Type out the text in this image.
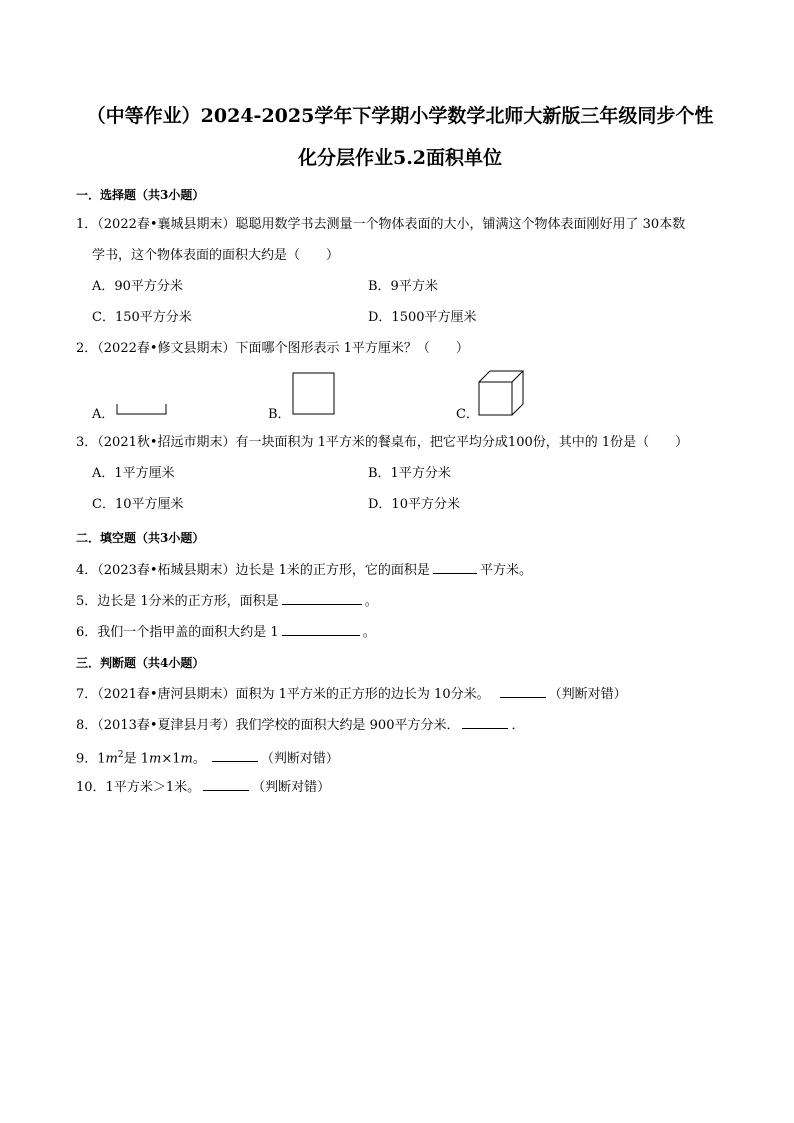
（中等作业）2024-2025学年下学期小学数学北师大新版三年级同步个性
化分层作业5.2面积单位
一．选择题（共3小题）
1．（2022春•襄城县期末）聪聪用数学书去测量一个物体表面的大小，铺满这个物体表面刚好用了 30本数
学书，这个物体表面的面积大约是（　　）
A．90平方分米	B．9平方米
C．150平方分米	D．1500平方厘米
2．（2022春•修文县期末）下面哪个图形表示 1平方厘米？（　　）
A．	B．	C．
3．（2021秋•招远市期末）有一块面积为 1平方米的餐桌布，把它平均分成100份，其中的 1份是（　　）
A．1平方厘米	B．1平方分米
C．10平方厘米	D．10平方分米
二．填空题（共3小题）
4．（2023春•柘城县期末）边长是 1米的正方形，它的面积是	平方米。
5．边长是 1分米的正方形，面积是	。
6．我们一个指甲盖的面积大约是 1	。
三．判断题（共4小题）
7．（2021春•唐河县期末）面积为 1平方米的正方形的边长为 10分米。	（判断对错）
8．（2013春•夏津县月考）我们学校的面积大约是 900平方分米．	．
9．$1m^2$是 1m×1m。	（判断对错）
10．1平方米＞1米。	（判断对错）
